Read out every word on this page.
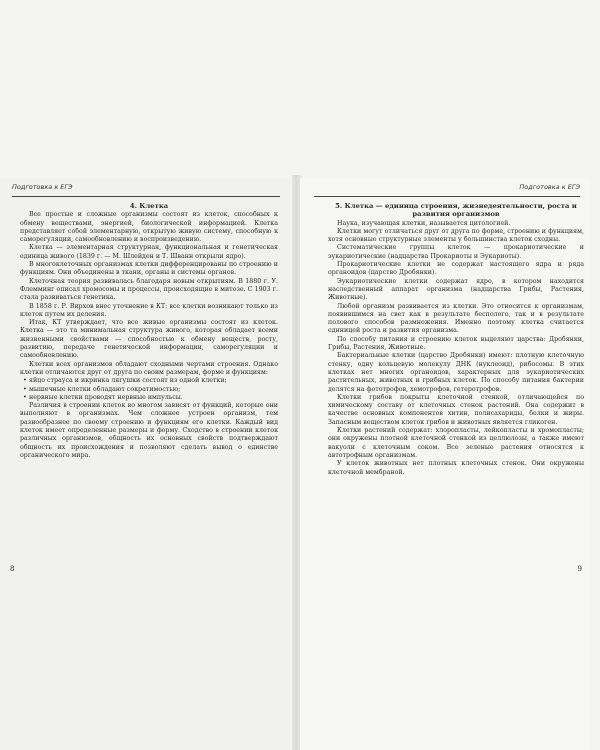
Подготовка к ЕГЭ
4. Клетка

Все простые и сложные организмы состоят из клеток, способных к обмену веществами, энергией, биологической информацией. Клетка представляет собой элементарную, открытую живую систему, способную к саморегуляции, самообновлению и воспроизведению.

Клетка — элементарная структурная, функциональная и генетическая единица живого (1839 г. — М. Шлейден и Т. Шванн открыли ядро).

В многоклеточных организмах клетки дифференцированы по строению и функциям. Они объединены в ткани, органы и системы органов.

Клеточная теория развивалась благодаря новым открытиям. В 1880 г. У. Флемминг описал хромосомы и процессы, происходящие в митозе. С 1903 г. стала развиваться генетика.

В 1858 г. Р. Вирхов внес уточнение в КТ: все клетки возникают только из клеток путем их деления.

Итак, КТ утверждает, что все живые организмы состоят из клеток. Клетка — это та минимальная структура живого, которая обладает всеми жизненными свойствами — способностью к обмену веществ, росту, развитию, передаче генетической информации, саморегуляции и самообновлению.

Клетки всех организмов обладают сходными чертами строения. Однако клетки отличаются друг от друга по своим размерам, форме и функциям:

• яйцо страуса и икринка лягушки состоят из одной клетки;

• мышечные клетки обладают сократимостью;

• нервные клетки проводят нервные импульсы.

Различия в строении клеток во многом зависят от функций, которые они выполняют в организмах. Чем сложнее устроен организм, тем разнообразнее по своему строению и функциям его клетки. Каждый вид клеток имеет определенные размеры и форму. Сходство в строении клеток различных организмов, общность их основных свойств подтверждают общность их происхождения и позволяют сделать вывод о единстве органического мира.

8
Подготовка к ЕГЭ
5. Клетка — единица строения, жизнедеятельности, роста и развития организмов

Наука, изучающая клетки, называется цитологией.

Клетки могут отличаться друг от друга по форме, строению и функциям, хотя основные структурные элементы у большинства клеток сходны.

Систематические группы клеток — прокариотические и эукариотические (надцарства Прокариоты и Эукариоты).

Прокариотические клетки не содержат настоящего ядра и ряда органоидов (царство Дробянки).

Эукариотические клетки содержат ядро, в котором находится наследственный аппарат организма (надцарства Грибы, Растения, Животные).

Любой организм развивается из клетки. Это относится к организмам, появившимся на свет как в результате бесполого, так и в результате полового способов размножения. Именно поэтому клетка считается единицей роста и развития организма.

По способу питания и строению клеток выделяют царства: Дробянки, Грибы, Растения, Животные.

Бактериальные клетки (царство Дробянки) имеют: плотную клеточную стенку, одну кольцевую молекулу ДНК (нуклеоид), рибосомы. В этих клетках нет многих органоидов, характерных для эукариотических растительных, животных и грибных клеток. По способу питания бактерии делятся на фототрофов, хемотрофов, гетеротрофов.

Клетки грибов покрыты клеточной стенкой, отличающейся по химическому составу от клеточных стенок растений. Она содержит в качестве основных компонентов хитин, полисахариды, белки и жиры. Запасным веществом клеток грибов и животных является гликоген.

Клетки растений содержат: хлоропласты, лейкопласты и хромопласты; они окружены плотной клеточной стенкой из целлюлозы, а также имеют вакуоли с клеточным соком. Все зеленые растения относятся к автотрофным организмам.

У клеток животных нет плотных клеточных стенок. Они окружены клеточной мембраной.

9
